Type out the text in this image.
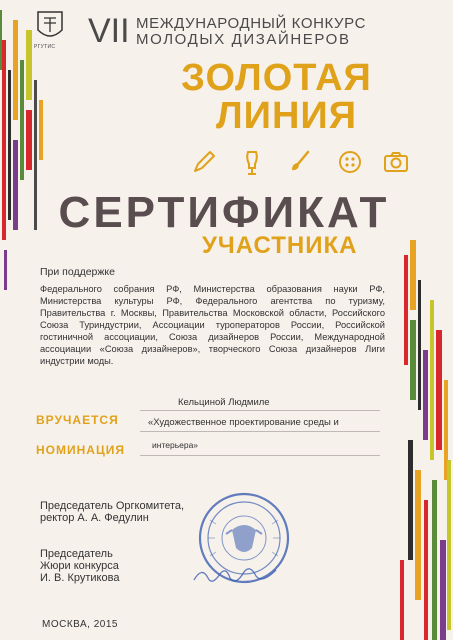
РГУТИС VII МЕЖДУНАРОДНЫЙ КОНКУРС
МОЛОДЫХ ДИЗАЙНЕРОВ
ЗОЛОТАЯ
ЛИНИЯ
СЕРТИФИКАТ
УЧАСТНИКА
При поддержке
Федерального собрания РФ, Министерства образования науки РФ, Министерства культуры РФ, Федерального агентства по туризму, Правительства г. Москвы, Правительства Московской области, Российского Союза Туриндустрии, Ассоциации туроператоров России, Российской гостиничной ассоциации, Союза дизайнеров России, Международной ассоциации «Союза дизайнеров», творческого Союза дизайнеров Лиги индустрии моды.
Кельциной Людмиле
ВРУЧАЕТСЯ	«Художественное проектирование среды и
интерьера»
НОМИНАЦИЯ
Председатель Оргкомитета,
ректор А. А. Федулин
Председатель
Жюри конкурса
И. В. Крутикова
МОСКВА, 2015
